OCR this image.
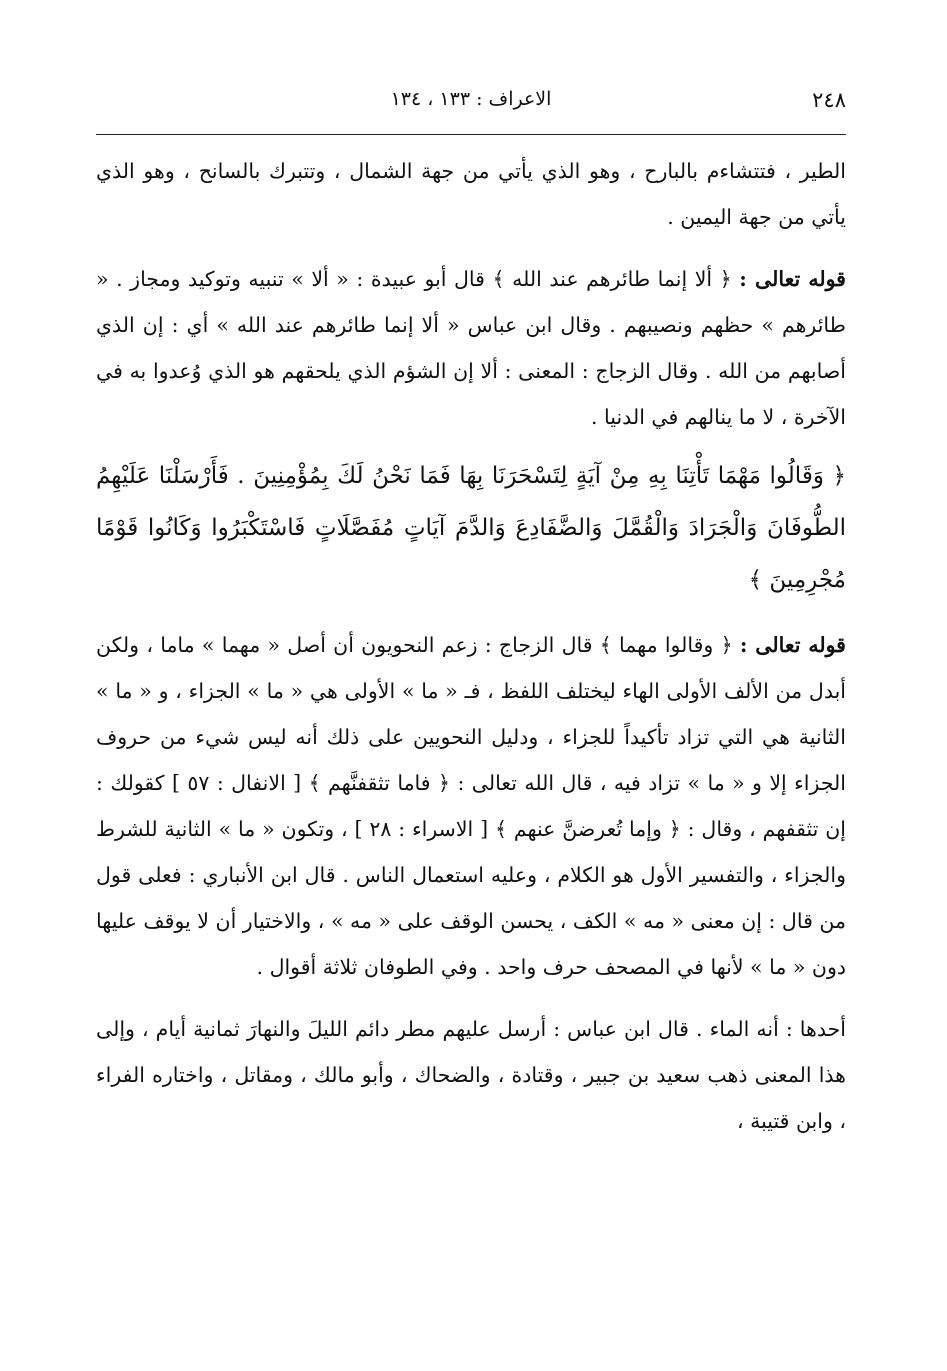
٢٤٨
الاعراف : ١٣٣ ، ١٣٤

الطير ، فتتشاءم بالبارح ، وهو الذي يأتي من جهة الشمال ، وتتبرك بالسانح ، وهو الذي يأتي من جهة اليمين .

قوله تعالى : ﴿ ألا إنما طائرهم عند الله ﴾ قال أبو عبيدة : « ألا » تنبيه وتوكيد ومجاز . « طائرهم » حظهم ونصيبهم . وقال ابن عباس « ألا إنما طائرهم عند الله » أي : إن الذي أصابهم من الله . وقال الزجاج : المعنى : ألا إن الشؤم الذي يلحقهم هو الذي وُعدوا به في الآخرة ، لا ما ينالهم في الدنيا .

﴿ وَقَالُوا مَهْمَا تَأْتِنَا بِهِ مِنْ آيَةٍ لِتَسْحَرَنَا بِهَا فَمَا نَحْنُ لَكَ بِمُؤْمِنِينَ . فَأَرْسَلْنَا عَلَيْهِمُ الطُّوفَانَ وَالْجَرَادَ وَالْقُمَّلَ وَالضَّفَادِعَ وَالدَّمَ آيَاتٍ مُفَصَّلَاتٍ فَاسْتَكْبَرُوا وَكَانُوا قَوْمًا مُجْرِمِينَ ﴾

قوله تعالى : ﴿ وقالوا مهما ﴾ قال الزجاج : زعم النحويون أن أصل « مهما » ماما ، ولكن أبدل من الألف الأولى الهاء ليختلف اللفظ ، فـ « ما » الأولى هي « ما » الجزاء ، و « ما » الثانية هي التي تزاد تأكيداً للجزاء ، ودليل النحويين على ذلك أنه ليس شيء من حروف الجزاء إلا و « ما » تزاد فيه ، قال الله تعالى : ﴿ فاما تثقفنَّهم ﴾ [ الانفال : ٥٧ ] كقولك : إن تثقفهم ، وقال : ﴿ وإما تُعرضنَّ عنهم ﴾ [ الاسراء : ٢٨ ] ، وتكون « ما » الثانية للشرط والجزاء ، والتفسير الأول هو الكلام ، وعليه استعمال الناس . قال ابن الأنباري : فعلى قول من قال : إن معنى « مه » الكف ، يحسن الوقف على « مه » ، والاختيار أن لا يوقف عليها دون « ما » لأنها في المصحف حرف واحد . وفي الطوفان ثلاثة أقوال .

أحدها : أنه الماء . قال ابن عباس : أرسل عليهم مطر دائم الليلَ والنهارَ ثمانية أيام ، وإلى هذا المعنى ذهب سعيد بن جبير ، وقتادة ، والضحاك ، وأبو مالك ، ومقاتل ، واختاره الفراء ، وابن قتيبة ،
